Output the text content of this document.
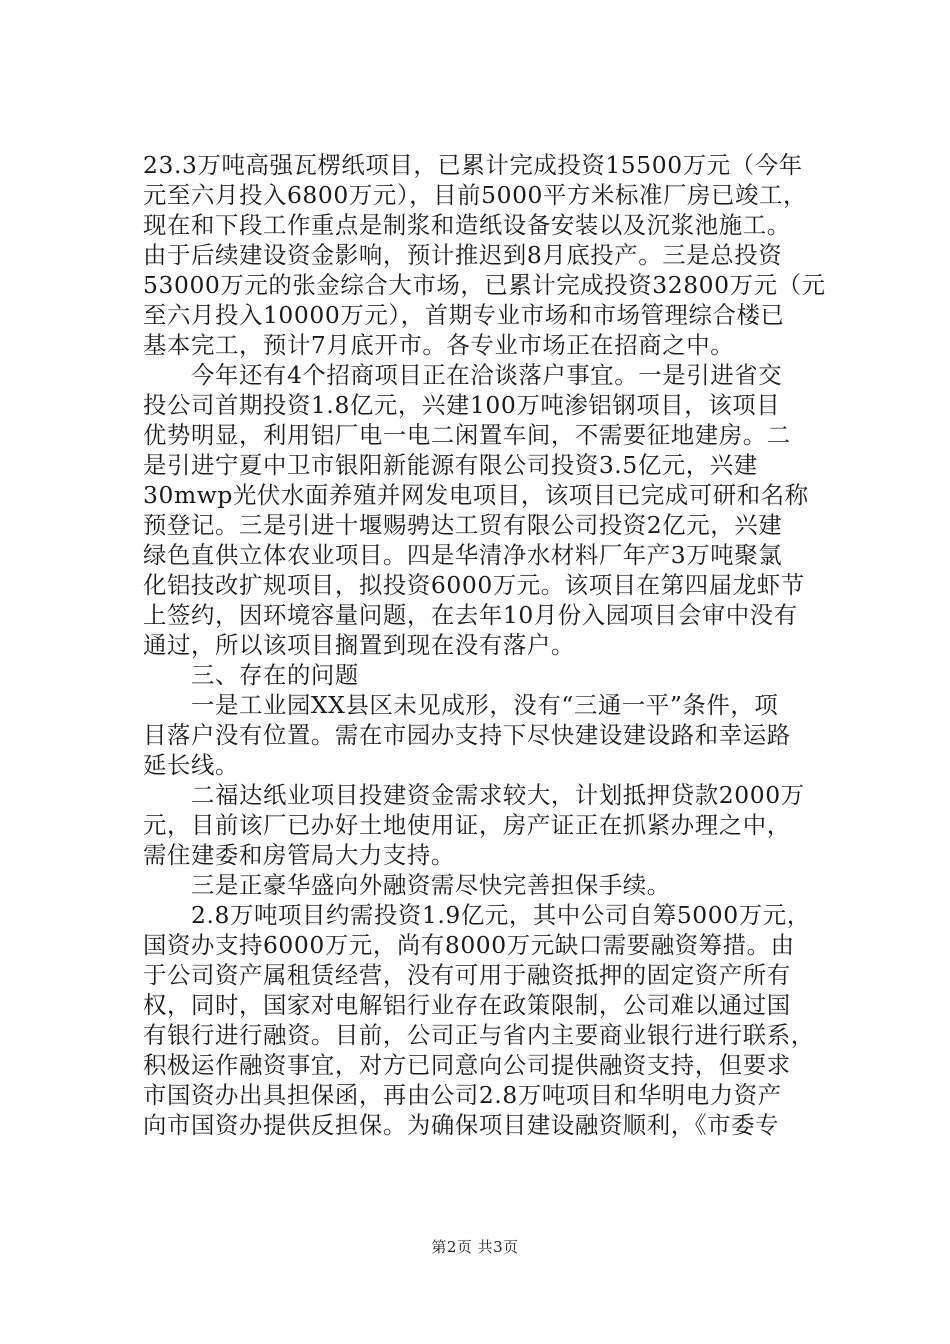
23.3万吨高强瓦楞纸项目，已累计完成投资15500万元（今年
元至六月投入6800万元），目前5000平方米标准厂房已竣工，
现在和下段工作重点是制浆和造纸设备安装以及沉浆池施工。
由于后续建设资金影响，预计推迟到8月底投产。三是总投资
53000万元的张金综合大市场，已累计完成投资32800万元（元
至六月投入10000万元），首期专业市场和市场管理综合楼已
基本完工，预计7月底开市。各专业市场正在招商之中。
　　今年还有4个招商项目正在洽谈落户事宜。一是引进省交
投公司首期投资1.8亿元，兴建100万吨渗铝钢项目，该项目
优势明显，利用铝厂电一电二闲置车间，不需要征地建房。二
是引进宁夏中卫市银阳新能源有限公司投资3.5亿元，兴建
30mwp光伏水面养殖并网发电项目，该项目已完成可研和名称
预登记。三是引进十堰赐骋达工贸有限公司投资2亿元，兴建
绿色直供立体农业项目。四是华清净水材料厂年产3万吨聚氯
化铝技改扩规项目，拟投资6000万元。该项目在第四届龙虾节
上签约，因环境容量问题，在去年10月份入园项目会审中没有
通过，所以该项目搁置到现在没有落户。
　　三、存在的问题
　　一是工业园XX县区未见成形，没有“三通一平”条件，项
目落户没有位置。需在市园办支持下尽快建设建设路和幸运路
延长线。
　　二福达纸业项目投建资金需求较大，计划抵押贷款2000万
元，目前该厂已办好土地使用证，房产证正在抓紧办理之中，
需住建委和房管局大力支持。
　　三是正豪华盛向外融资需尽快完善担保手续。
　　2.8万吨项目约需投资1.9亿元，其中公司自筹5000万元，
国资办支持6000万元，尚有8000万元缺口需要融资筹措。由
于公司资产属租赁经营，没有可用于融资抵押的固定资产所有
权，同时，国家对电解铝行业存在政策限制，公司难以通过国
有银行进行融资。目前，公司正与省内主要商业银行进行联系，
积极运作融资事宜，对方已同意向公司提供融资支持，但要求
市国资办出具担保函，再由公司2.8万吨项目和华明电力资产
向市国资办提供反担保。为确保项目建设融资顺利，《市委专
第2页 共3页
